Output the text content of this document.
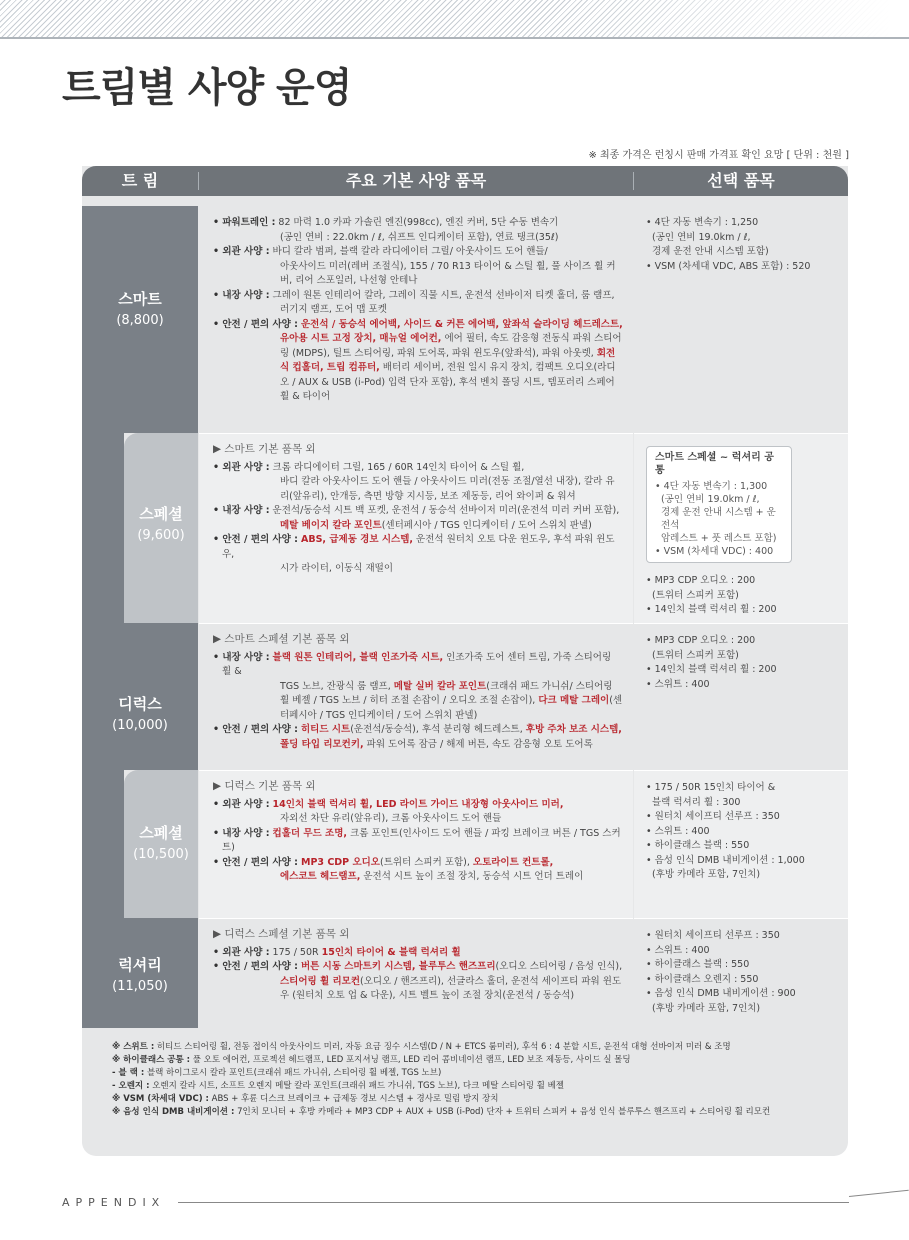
트림별 사양 운영
※ 최종 가격은 런칭시 판매 가격표 확인 요망 [ 단위 : 천원 ]
트 림	주요 기본 사양 품목	선택 품목
스마트
(8,800)
스페셜
(9,600)
디럭스
(10,000)
스페셜
(10,500)
럭셔리
(11,050)

• 파워트레인 : 82 마력 1.0 카파 가솔린 엔진(998cc), 엔진 커버, 5단 수동 변속기
(공인 연비 : 22.0km / ℓ, 쉬프트 인디케이터 포함), 연료 탱크(35ℓ)

• 외관 사양 : 바디 칼라 범퍼, 블랙 칼라 라디에이터 그릴/ 아웃사이드 도어 핸들/
아웃사이드 미러(레버 조절식), 155 / 70 R13 타이어 & 스틸 휠, 풀 사이즈 휠 커버, 리어 스포일러, 나선형 안테나

• 내장 사양 : 그레이 원톤 인테리어 칼라, 그레이 직물 시트, 운전석 선바이저 티켓 홀더, 룸 램프,
러기지 램프, 도어 맵 포켓

• 안전 / 편의 사양 : 운전석 / 동승석 에어백, 사이드 & 커튼 에어백, 앞좌석 슬라이딩 헤드레스트,
유아용 시트 고정 장치, 매뉴얼 에어컨, 에어 필터, 속도 감응형 전동식 파워 스티어링 (MDPS), 틸트 스티어링, 파워 도어록, 파워 윈도우(앞좌석), 파워 아웃렛, 회전식 컵홀더, 트립 컴퓨터, 배터리 세이버, 전원 일시 유지 장치, 컴팩트 오디오(라디오 / AUX & USB (i-Pod) 입력 단자 포함), 후석 벤치 폴딩 시트, 템포러리 스페어 휠 & 타이어

▶ 스마트 기본 품목 외

• 외관 사양 : 크롬 라디에이터 그릴, 165 / 60R 14인치 타이어 & 스틸 휠,
바디 칼라 아웃사이드 도어 핸들 / 아웃사이드 미러(전동 조절/열선 내장), 칼라 유리(앞유리), 안개등, 측면 방향 지시등, 보조 제동등, 리어 와이퍼 & 워셔

• 내장 사양 : 운전석/동승석 시트 백 포켓, 운전석 / 동승석 선바이저 미러(운전석 미러 커버 포함),
메탈 베이지 칼라 포인트(센터페시아 / TGS 인디케이터 / 도어 스위치 판넬)

• 안전 / 편의 사양 : ABS, 급제동 경보 시스템, 운전석 원터치 오토 다운 윈도우, 후석 파워 윈도우,
시가 라이터, 이동식 재떨이

▶ 스마트 스페셜 기본 품목 외

• 내장 사양 : 블랙 원톤 인테리어, 블랙 인조가죽 시트, 인조가죽 도어 센터 트림, 가죽 스티어링 휠 &
TGS 노브, 잔광식 룸 램프, 메탈 실버 칼라 포인트(크래쉬 패드 가니쉬/ 스티어링 휠 베젤 / TGS 노브 / 히터 조절 손잡이 / 오디오 조절 손잡이), 다크 메탈 그레이(센터페시아 / TGS 인디케이터 / 도어 스위치 판넬)

• 안전 / 편의 사양 : 히티드 시트(운전석/동승석), 후석 분리형 헤드레스트, 후방 주차 보조 시스템,
폴딩 타입 리모컨키, 파워 도어록 잠금 / 해제 버튼, 속도 감응형 오토 도어록

▶ 디럭스 기본 품목 외

• 외관 사양 : 14인치 블랙 럭셔리 휠, LED 라이트 가이드 내장형 아웃사이드 미러,
자외선 차단 유리(앞유리), 크롬 아웃사이드 도어 핸들

• 내장 사양 : 컵홀더 무드 조명, 크롬 포인트(인사이드 도어 핸들 / 파킹 브레이크 버튼 / TGS 스커트)

• 안전 / 편의 사양 : MP3 CDP 오디오(트위터 스피커 포함), 오토라이트 컨트롤,
에스코트 헤드램프, 운전석 시트 높이 조절 장치, 동승석 시트 언더 트레이

▶ 디럭스 스페셜 기본 품목 외

• 외관 사양 : 175 / 50R 15인치 타이어 & 블랙 럭셔리 휠

• 안전 / 편의 사양 : 버튼 시동 스마트키 시스템, 블루투스 핸즈프리(오디오 스티어링 / 음성 인식),
스티어링 휠 리모컨(오디오 / 핸즈프리), 선글라스 홀더, 운전석 세이프티 파워 윈도우 (원터치 오토 업 & 다운), 시트 벨트 높이 조절 장치(운전석 / 동승석)

• 4단 자동 변속기 : 1,250

(공인 연비 19.0km / ℓ,

경제 운전 안내 시스템 포함)

• VSM (차세대 VDC, ABS 포함) : 520

스마트 스페셜 ~ 럭셔리 공통
• 4단 자동 변속기 : 1,300
(공인 연비 19.0km / ℓ,
경제 운전 안내 시스템 + 운전석
암레스트 + 풋 레스트 포함)
• VSM (차세대 VDC) : 400

• MP3 CDP 오디오 : 200

(트위터 스피커 포함)

• 14인치 블랙 럭셔리 휠 : 200

• MP3 CDP 오디오 : 200

(트위터 스피커 포함)

• 14인치 블랙 럭셔리 휠 : 200

• 스위트 : 400

• 175 / 50R 15인치 타이어 &

블랙 럭셔리 휠 : 300

• 원터치 세이프티 선루프 : 350

• 스위트 : 400

• 하이클래스 블랙 : 550

• 음성 인식 DMB 내비게이션 : 1,000

(후방 카메라 포함, 7인치)

• 원터치 세이프티 선루프 : 350

• 스위트 : 400

• 하이클래스 블랙 : 550

• 하이클래스 오렌지 : 550

• 음성 인식 DMB 내비게이션 : 900

(후방 카메라 포함, 7인치)

※ 스위트 : 히티드 스티어링 휠, 전동 접이식 아웃사이드 미러, 자동 요금 징수 시스템(D / N + ETCS 룸미러), 후석 6 : 4 분할 시트, 운전석 대형 선바이저 미러 & 조명

※ 하이클래스 공통 : 풀 오토 에어컨, 프로젝션 헤드램프, LED 포지셔닝 램프, LED 리어 콤비네이션 램프, LED 보조 제동등, 사이드 실 몰딩

- 블 랙 : 블랙 하이그로시 칼라 포인트(크래쉬 패드 가니쉬, 스티어링 휠 베젤, TGS 노브)

- 오렌지 : 오렌지 칼라 시트, 소프트 오렌지 메탈 칼라 포인트(크래쉬 패드 가니쉬, TGS 노브), 다크 메탈 스티어링 휠 베젤

※ VSM (차세대 VDC) : ABS + 후륜 디스크 브레이크 + 급제동 경보 시스템 + 경사로 밀림 방지 장치

※ 음성 인식 DMB 내비게이션 : 7인치 모니터 + 후방 카메라 + MP3 CDP + AUX + USB (i-Pod) 단자 + 트위터 스피커 + 음성 인식 블루투스 핸즈프리 + 스티어링 휠 리모컨

APPENDIX
